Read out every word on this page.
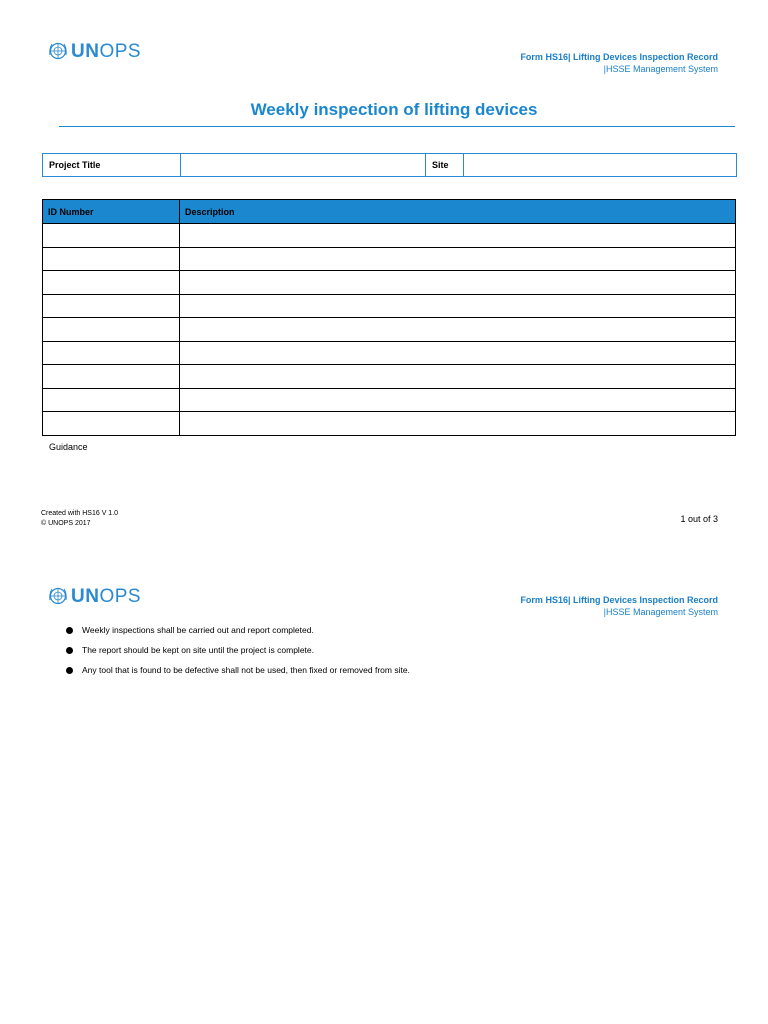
UNOPS	Form HS16| Lifting Devices Inspection Record
|HSSE Management System
Weekly inspection of lifting devices
Project Title		Site	
ID Number	Description

Guidance
Created with HS16 V 1.0
© UNOPS 2017	1 out of 3
UNOPS	Form HS16| Lifting Devices Inspection Record
|HSSE Management System
Weekly inspections shall be carried out and report completed.
The report should be kept on site until the project is complete.
Any tool that is found to be defective shall not be used, then fixed or removed from site.
